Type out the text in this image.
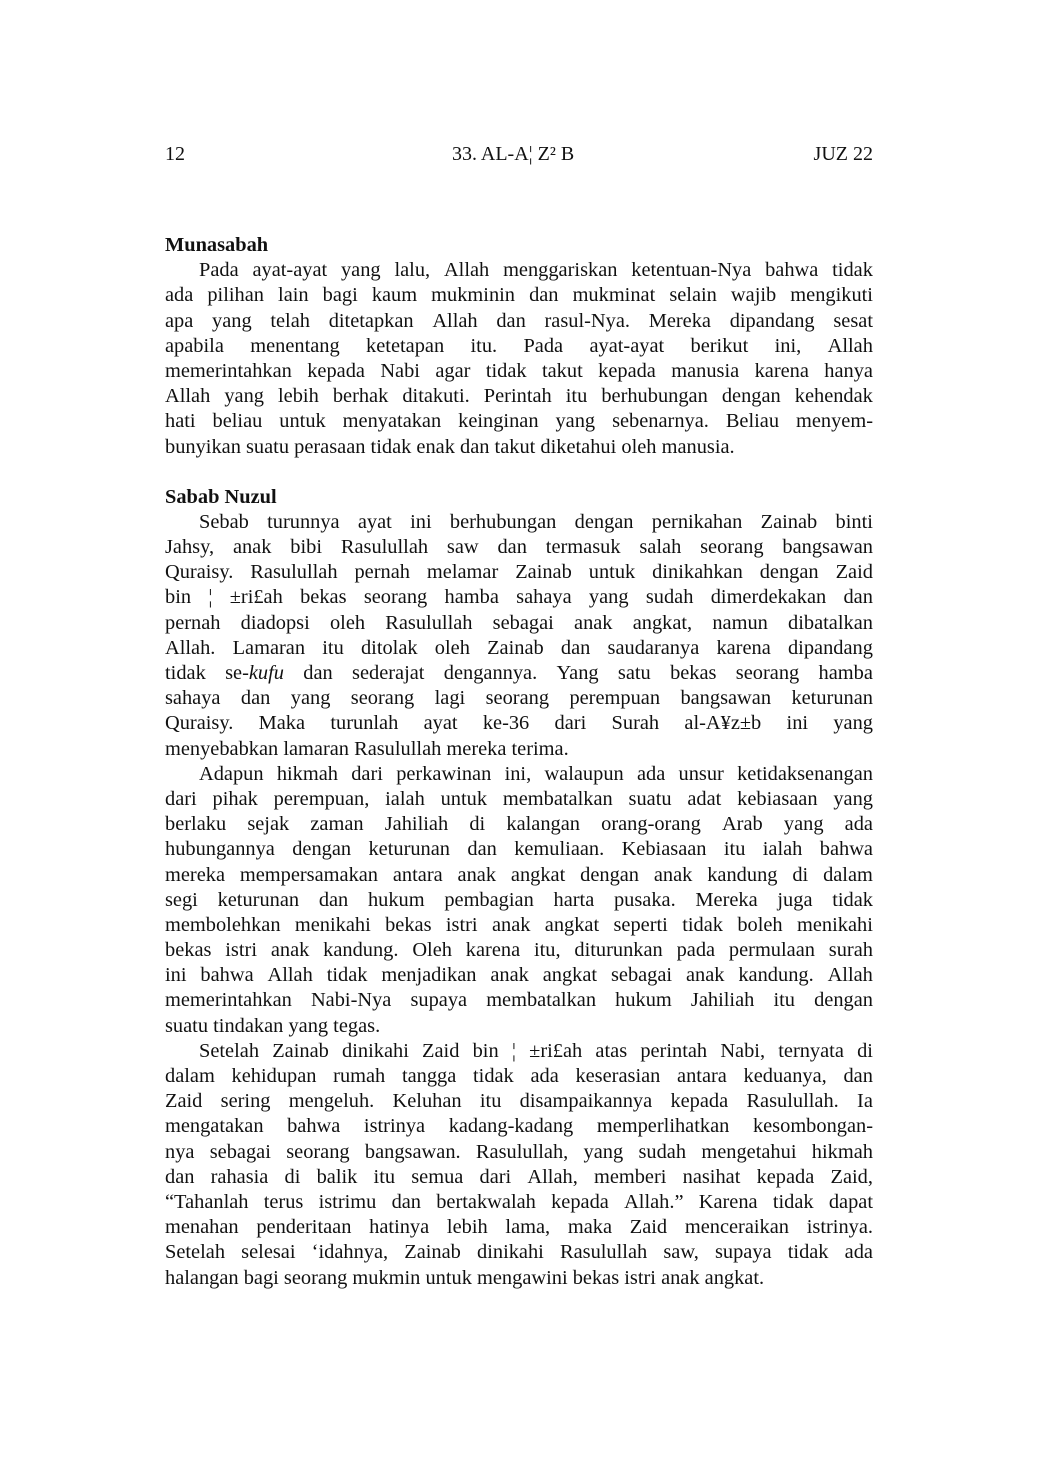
12	33. AL-A¦ Z² B	JUZ 22
Munasabah
Pada ayat-ayat yang lalu, Allah menggariskan ketentuan-Nya bahwa tidak
ada pilihan lain bagi kaum mukminin dan mukminat selain wajib mengikuti
apa yang telah ditetapkan Allah dan rasul-Nya. Mereka dipandang sesat
apabila menentang ketetapan itu. Pada ayat-ayat berikut ini, Allah
memerintahkan kepada Nabi agar tidak takut kepada manusia karena hanya
Allah yang lebih berhak ditakuti. Perintah itu berhubungan dengan kehendak
hati beliau untuk menyatakan keinginan yang sebenarnya. Beliau menyem-
bunyikan suatu perasaan tidak enak dan takut diketahui oleh manusia.
Sabab Nuzul
Sebab turunnya ayat ini berhubungan dengan pernikahan Zainab binti
Jahsy, anak bibi Rasulullah saw dan termasuk salah seorang bangsawan
Quraisy. Rasulullah pernah melamar Zainab untuk dinikahkan dengan Zaid
bin ¦ ±ri£ah bekas seorang hamba sahaya yang sudah dimerdekakan dan
pernah diadopsi oleh Rasulullah sebagai anak angkat, namun dibatalkan
Allah. Lamaran itu ditolak oleh Zainab dan saudaranya karena dipandang
tidak se-kufu dan sederajat dengannya. Yang satu bekas seorang hamba
sahaya dan yang seorang lagi seorang perempuan bangsawan keturunan
Quraisy. Maka turunlah ayat ke-36 dari Surah al-A¥z±b ini yang
menyebabkan lamaran Rasulullah mereka terima.
Adapun hikmah dari perkawinan ini, walaupun ada unsur ketidaksenangan
dari pihak perempuan, ialah untuk membatalkan suatu adat kebiasaan yang
berlaku sejak zaman Jahiliah di kalangan orang-orang Arab yang ada
hubungannya dengan keturunan dan kemuliaan. Kebiasaan itu ialah bahwa
mereka mempersamakan antara anak angkat dengan anak kandung di dalam
segi keturunan dan hukum pembagian harta pusaka. Mereka juga tidak
membolehkan menikahi bekas istri anak angkat seperti tidak boleh menikahi
bekas istri anak kandung. Oleh karena itu, diturunkan pada permulaan surah
ini bahwa Allah tidak menjadikan anak angkat sebagai anak kandung. Allah
memerintahkan Nabi-Nya supaya membatalkan hukum Jahiliah itu dengan
suatu tindakan yang tegas.
Setelah Zainab dinikahi Zaid bin ¦ ±ri£ah atas perintah Nabi, ternyata di
dalam kehidupan rumah tangga tidak ada keserasian antara keduanya, dan
Zaid sering mengeluh. Keluhan itu disampaikannya kepada Rasulullah. Ia
mengatakan bahwa istrinya kadang-kadang memperlihatkan kesombongan-
nya sebagai seorang bangsawan. Rasulullah, yang sudah mengetahui hikmah
dan rahasia di balik itu semua dari Allah, memberi nasihat kepada Zaid,
“Tahanlah terus istrimu dan bertakwalah kepada Allah.” Karena tidak dapat
menahan penderitaan hatinya lebih lama, maka Zaid menceraikan istrinya.
Setelah selesai ‘idahnya, Zainab dinikahi Rasulullah saw, supaya tidak ada
halangan bagi seorang mukmin untuk mengawini bekas istri anak angkat.
